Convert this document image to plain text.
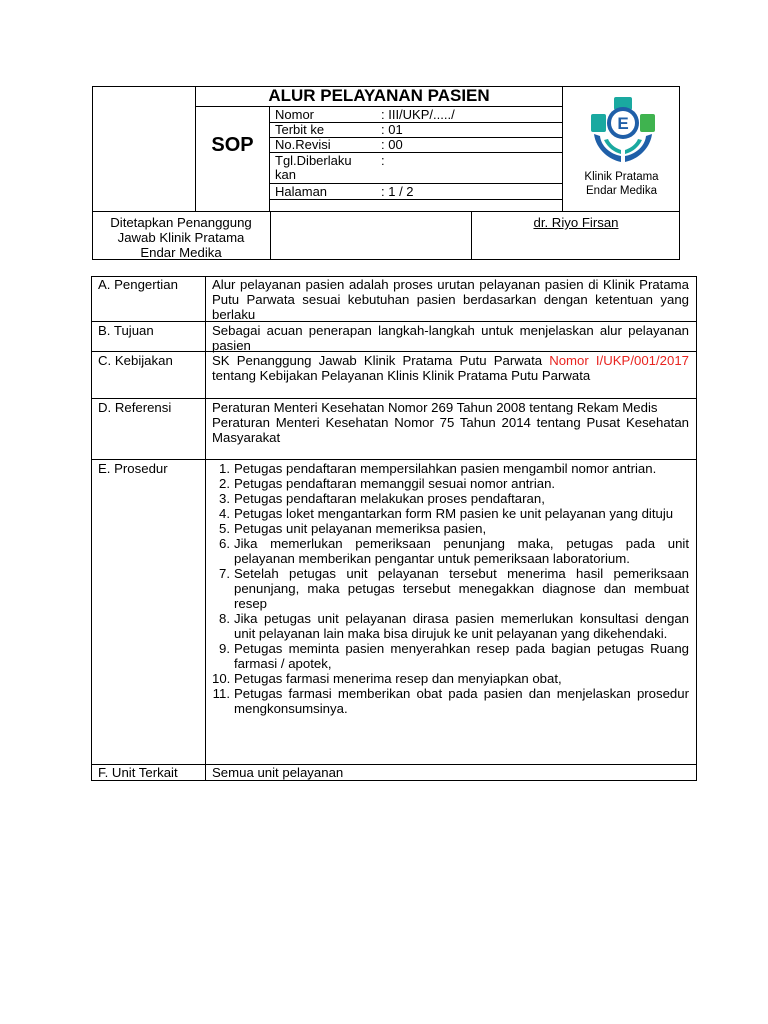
ALUR PELAYANAN PASIEN
SOP
Nomor	: III/UKP/...../
Terbit ke	: 01
No.Revisi	: 00
Tgl.Diberlaku :
kan
Halaman	: 1 / 2
E
Klinik Pratama
Endar Medika
Ditetapkan Penanggung
Jawab Klinik Pratama
Endar Medika
dr. Riyo Firsan
A. Pengertian	Alur pelayanan pasien adalah proses urutan pelayanan pasien di Klinik Pratama Putu Parwata sesuai kebutuhan pasien berdasarkan dengan ketentuan yang berlaku
B. Tujuan	Sebagai acuan penerapan langkah-langkah untuk menjelaskan alur pelayanan pasien
C. Kebijakan	SK Penanggung Jawab Klinik Pratama Putu Parwata Nomor I/UKP/001/2017 tentang Kebijakan Pelayanan Klinis Klinik Pratama Putu Parwata
D. Referensi	Peraturan Menteri Kesehatan Nomor 269 Tahun 2008 tentang Rekam Medis
Peraturan Menteri Kesehatan Nomor 75 Tahun 2014 tentang Pusat Kesehatan Masyarakat
E. Prosedur	1. Petugas pendaftaran mempersilahkan pasien mengambil nomor antrian.
2. Petugas pendaftaran memanggil sesuai nomor antrian.
3. Petugas pendaftaran melakukan proses pendaftaran,
4. Petugas loket mengantarkan form RM pasien ke unit pelayanan yang dituju
5. Petugas unit pelayanan memeriksa pasien,
6. Jika memerlukan pemeriksaan penunjang maka, petugas pada unit pelayanan memberikan pengantar untuk pemeriksaan laboratorium.
7. Setelah petugas unit pelayanan tersebut menerima hasil pemeriksaan penunjang, maka petugas tersebut menegakkan diagnose dan membuat resep
8. Jika petugas unit pelayanan dirasa pasien memerlukan konsultasi dengan unit pelayanan lain maka bisa dirujuk ke unit pelayanan yang dikehendaki.
9. Petugas meminta pasien menyerahkan resep pada bagian petugas Ruang farmasi / apotek,
10. Petugas farmasi menerima resep dan menyiapkan obat,
11. Petugas farmasi memberikan obat pada pasien dan menjelaskan prosedur mengkonsumsinya.
F. Unit Terkait	Semua unit pelayanan
